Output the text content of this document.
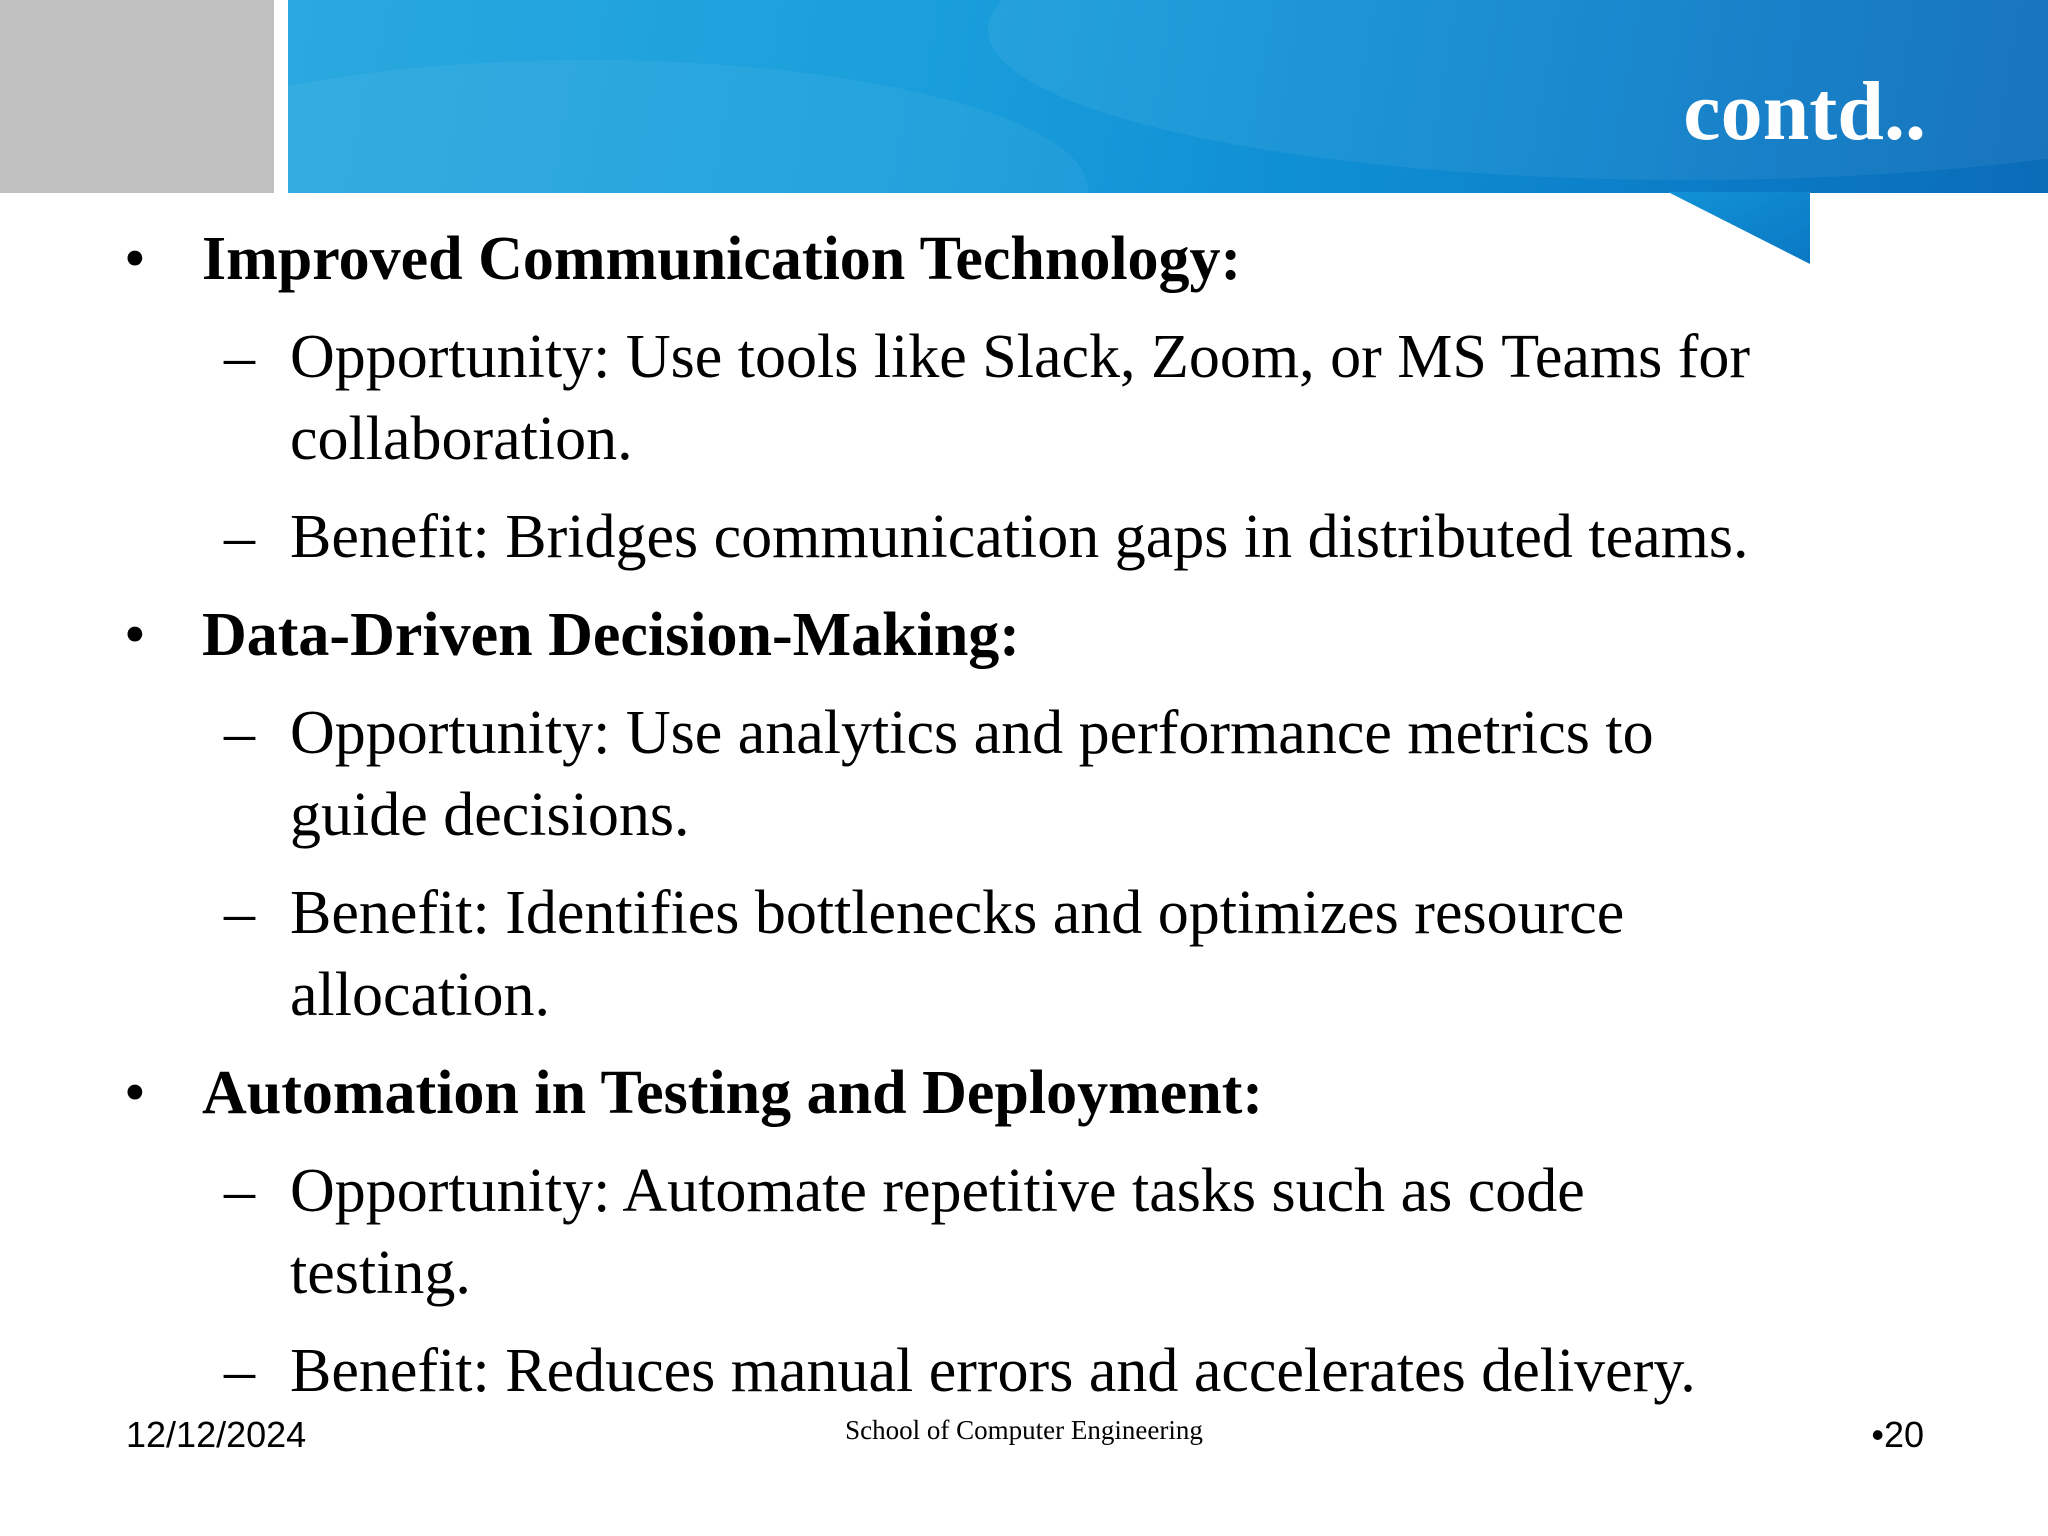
contd..
• Improved Communication Technology:
– Opportunity: Use tools like Slack, Zoom, or MS Teams for
collaboration.
– Benefit: Bridges communication gaps in distributed teams.
• Data-Driven Decision-Making:
– Opportunity: Use analytics and performance metrics to
guide decisions.
– Benefit: Identifies bottlenecks and optimizes resource
allocation.
• Automation in Testing and Deployment:
– Opportunity: Automate repetitive tasks such as code
testing.
– Benefit: Reduces manual errors and accelerates delivery.
12/12/2024	School of Computer Engineering	•20
